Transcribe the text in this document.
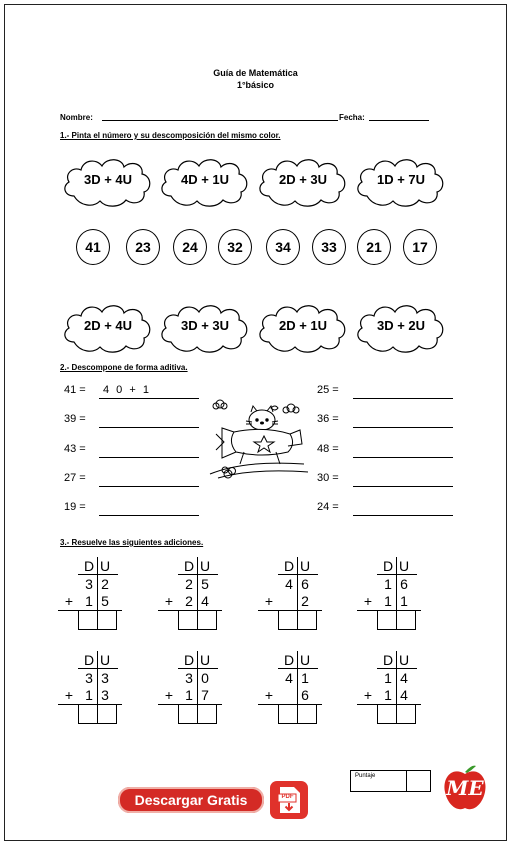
Guía de Matemática
1°básico
Nombre:	Fecha:
1.- Pinta el número y su descomposición del mismo color.
3D + 4U	4D + 1U	2D + 3U	1D + 7U
41	23	24	32	34	33	21	17
2D + 4U	3D + 3U	2D + 1U	3D + 2U
2.- Descompone de forma aditiva.
41 = 4 0 + 1
39 =
43 =
27 =
19 =
25 =
36 =
48 =
30 =
24 =
3.- Resuelve las siguientes adiciones.
D U
3 2
+ 1 5
D U
2 5
+ 2 4
D U
4 6
+	2
D U
1 6
+ 1 1
D U
3 3
+ 1 3
D U
3 0
+ 1 7
D U
4 1
+	6
D U
1 4
+ 1 4
Puntaje
Descargar Gratis	PDF	ME
